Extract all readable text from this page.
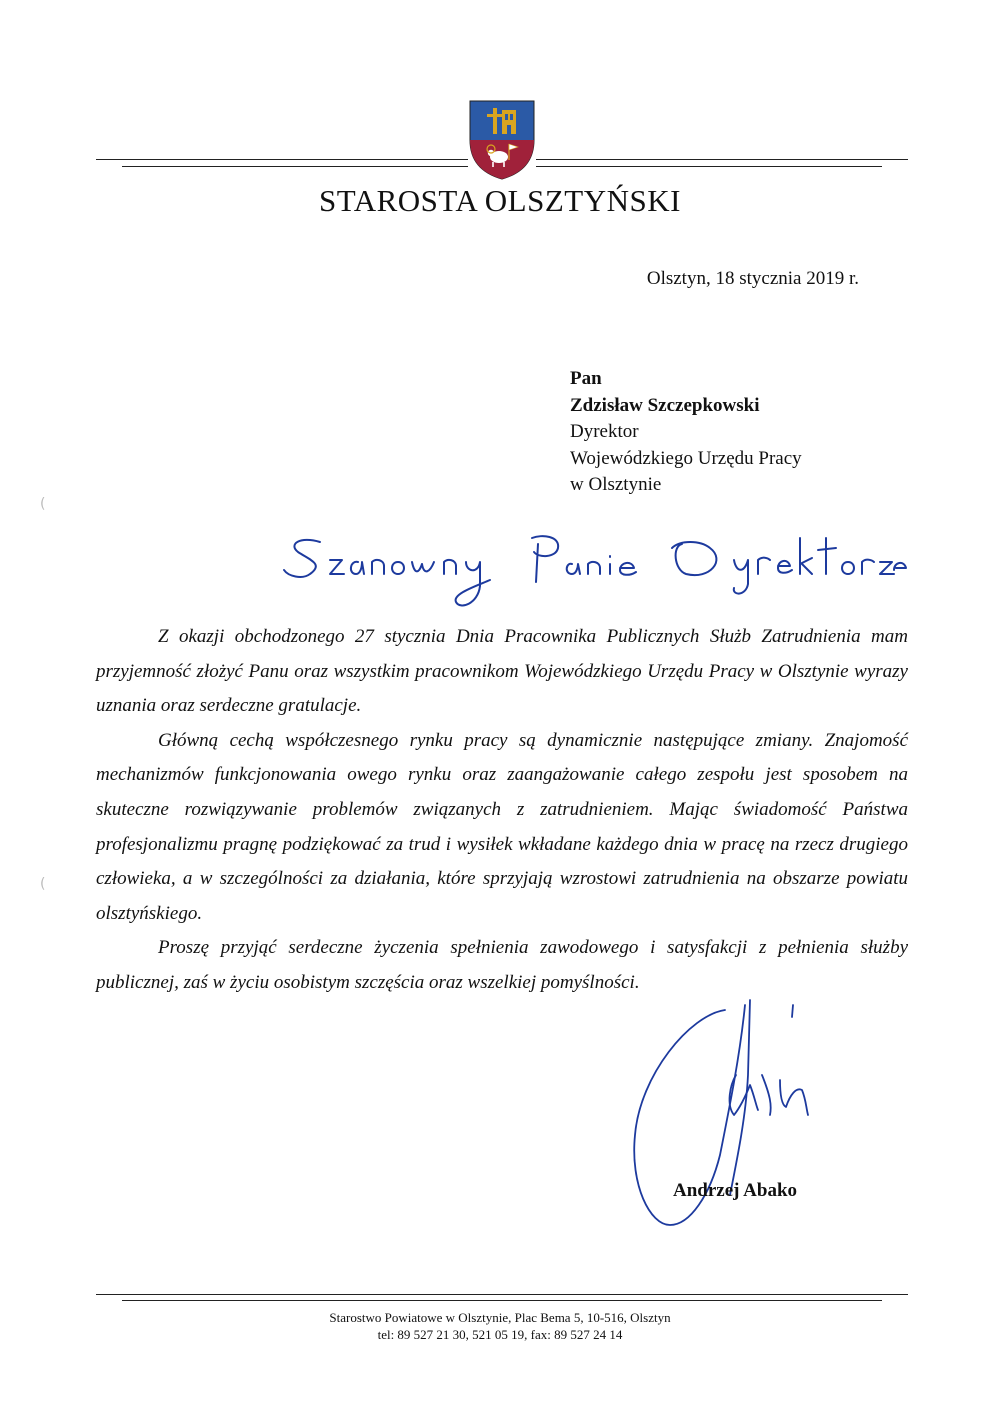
STAROSTA OLSZTYŃSKI
Olsztyn, 18 stycznia 2019 r.
Pan
Zdzisław Szczepkowski
Dyrektor
Wojewódzkiego Urzędu Pracy
w Olsztynie

Z okazji obchodzonego 27 stycznia Dnia Pracownika Publicznych Służb Zatrudnienia mam przyjemność złożyć Panu oraz wszystkim pracownikom Wojewódzkiego Urzędu Pracy w Olsztynie wyrazy uznania oraz serdeczne gratulacje.

Główną cechą współczesnego rynku pracy są dynamicznie następujące zmiany. Znajomość mechanizmów funkcjonowania owego rynku oraz zaangażowanie całego zespołu jest sposobem na skuteczne rozwiązywanie problemów związanych z zatrudnieniem. Mając świadomość Państwa profesjonalizmu pragnę podziękować za trud i wysiłek wkładane każdego dnia w pracę na rzecz drugiego człowieka, a w szczególności za działania, które sprzyjają wzrostowi zatrudnienia na obszarze powiatu olsztyńskiego.

Proszę przyjąć serdeczne życzenia spełnienia zawodowego i satysfakcji z pełnienia służby publicznej, zaś w życiu osobistym szczęścia oraz wszelkiej pomyślności.

Andrzej Abako
Starostwo Powiatowe w Olsztynie, Plac Bema 5, 10-516, Olsztyn
tel: 89 527 21 30, 521 05 19, fax: 89 527 24 14
(
(
